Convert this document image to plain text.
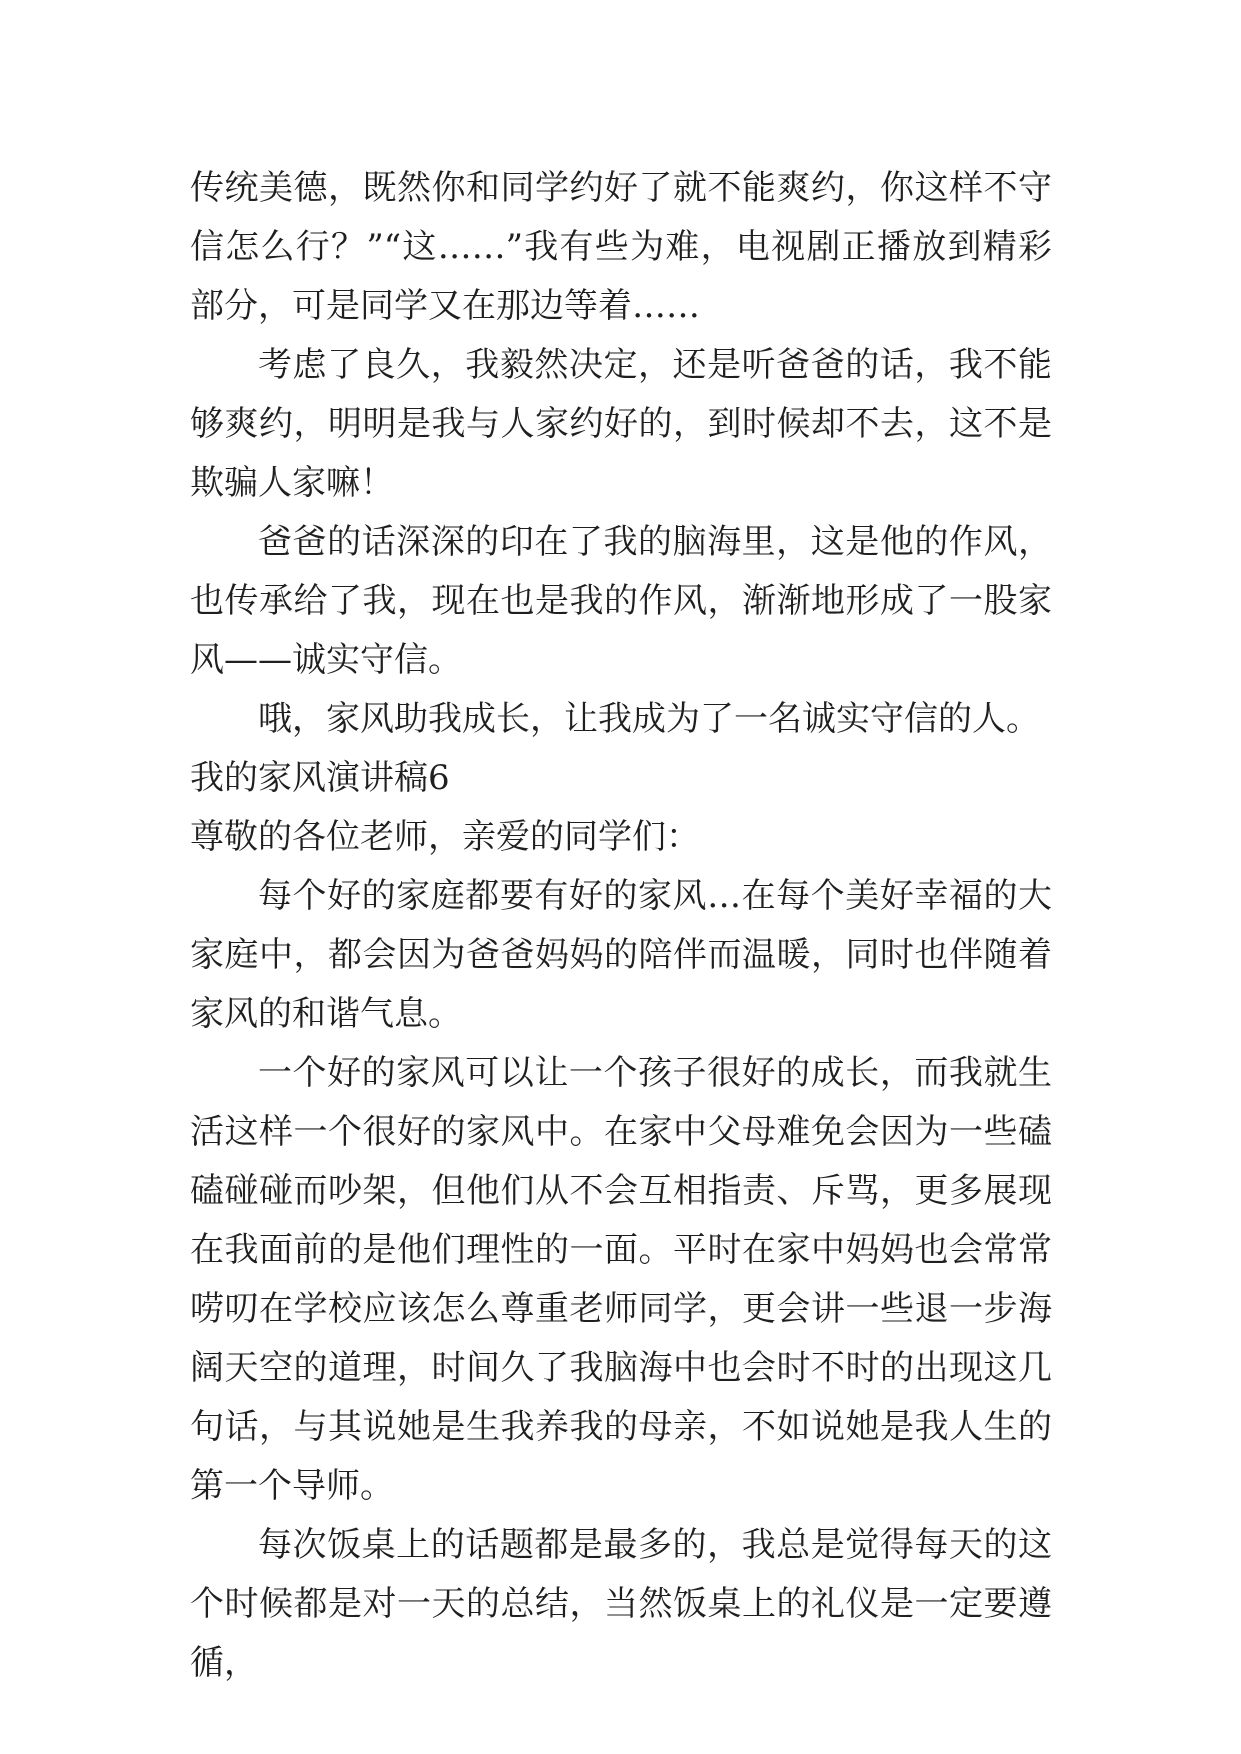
传统美德，既然你和同学约好了就不能爽约，你这样不守信怎么行？”“这……”我有些为难，电视剧正播放到精彩部分，可是同学又在那边等着……

考虑了良久，我毅然决定，还是听爸爸的话，我不能够爽约，明明是我与人家约好的，到时候却不去，这不是欺骗人家嘛！

爸爸的话深深的印在了我的脑海里，这是他的作风，也传承给了我，现在也是我的作风，渐渐地形成了一股家风——诚实守信。

哦，家风助我成长，让我成为了一名诚实守信的人。

我的家风演讲稿6

尊敬的各位老师，亲爱的同学们：

每个好的家庭都要有好的家风…在每个美好幸福的大家庭中，都会因为爸爸妈妈的陪伴而温暖，同时也伴随着家风的和谐气息。

一个好的家风可以让一个孩子很好的成长，而我就生活这样一个很好的家风中。在家中父母难免会因为一些磕磕碰碰而吵架，但他们从不会互相指责、斥骂，更多展现在我面前的是他们理性的一面。平时在家中妈妈也会常常唠叨在学校应该怎么尊重老师同学，更会讲一些退一步海阔天空的道理，时间久了我脑海中也会时不时的出现这几句话，与其说她是生我养我的母亲，不如说她是我人生的第一个导师。

每次饭桌上的话题都是最多的，我总是觉得每天的这个时候都是对一天的总结，当然饭桌上的礼仪是一定要遵循，
